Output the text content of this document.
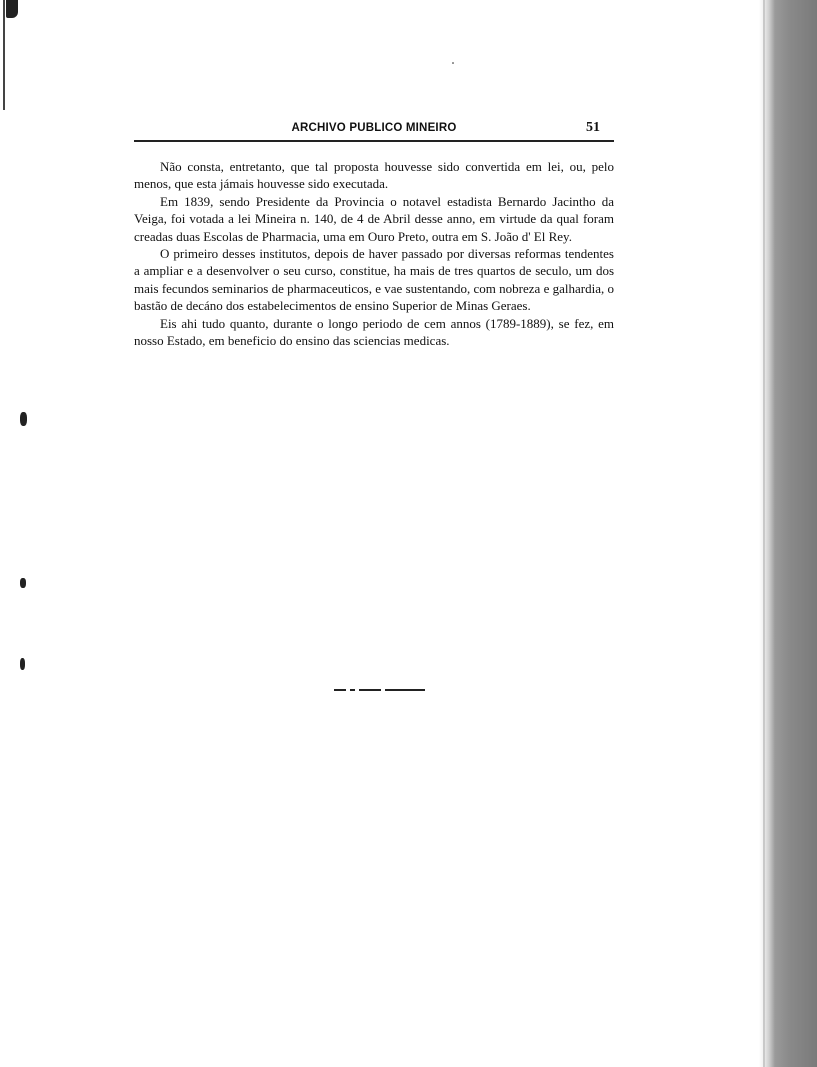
ARCHIVO PUBLICO MINEIRO	51

Não consta, entretanto, que tal proposta houvesse sido convertida em lei, ou, pelo menos, que esta jámais houvesse sido executada.

Em 1839, sendo Presidente da Provincia o notavel estadista Bernardo Jacintho da Veiga, foi votada a lei Mineira n. 140, de 4 de Abril desse anno, em virtude da qual foram creadas duas Escolas de Pharmacia, uma em Ouro Preto, outra em S. João d' El Rey.

O primeiro desses institutos, depois de haver passado por diversas reformas tendentes a ampliar e a desenvolver o seu curso, constitue, ha mais de tres quartos de seculo, um dos mais fecundos seminarios de pharmaceuticos, e vae sustentando, com nobreza e galhardia, o bastão de decáno dos estabelecimentos de ensino Superior de Minas Geraes.

Eis ahi tudo quanto, durante o longo periodo de cem annos (1789-1889), se fez, em nosso Estado, em beneficio do ensino das sciencias medicas.
